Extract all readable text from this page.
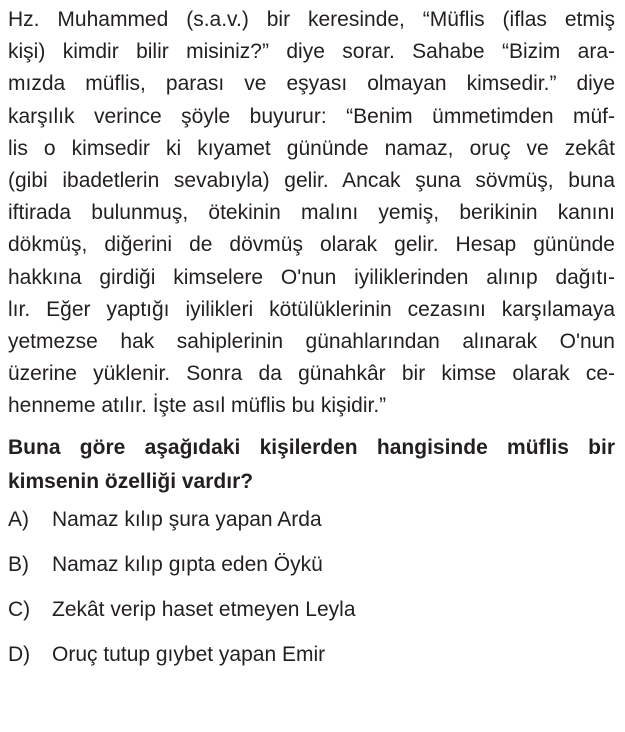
Hz. Muhammed (s.a.v.) bir keresinde, “Müflis (iflas etmiş
kişi) kimdir bilir misiniz?” diye sorar. Sahabe “Bizim ara-
mızda müflis, parası ve eşyası olmayan kimsedir.” diye
karşılık verince şöyle buyurur: “Benim ümmetimden müf-
lis o kimsedir ki kıyamet gününde namaz, oruç ve zekât
(gibi ibadetlerin sevabıyla) gelir. Ancak şuna sövmüş, buna
iftirada bulunmuş, ötekinin malını yemiş, berikinin kanını
dökmüş, diğerini de dövmüş olarak gelir. Hesap gününde
hakkına girdiği kimselere O'nun iyiliklerinden alınıp dağıtı-
lır. Eğer yaptığı iyilikleri kötülüklerinin cezasını karşılamaya
yetmezse hak sahiplerinin günahlarından alınarak O'nun
üzerine yüklenir. Sonra da günahkâr bir kimse olarak ce-
henneme atılır. İşte asıl müflis bu kişidir.”

Buna göre aşağıdaki kişilerden hangisinde müflis bir
kimsenin özelliği vardır?

A)	Namaz kılıp şura yapan Arda
B)	Namaz kılıp gıpta eden Öykü
C)	Zekât verip haset etmeyen Leyla
D)	Oruç tutup gıybet yapan Emir
